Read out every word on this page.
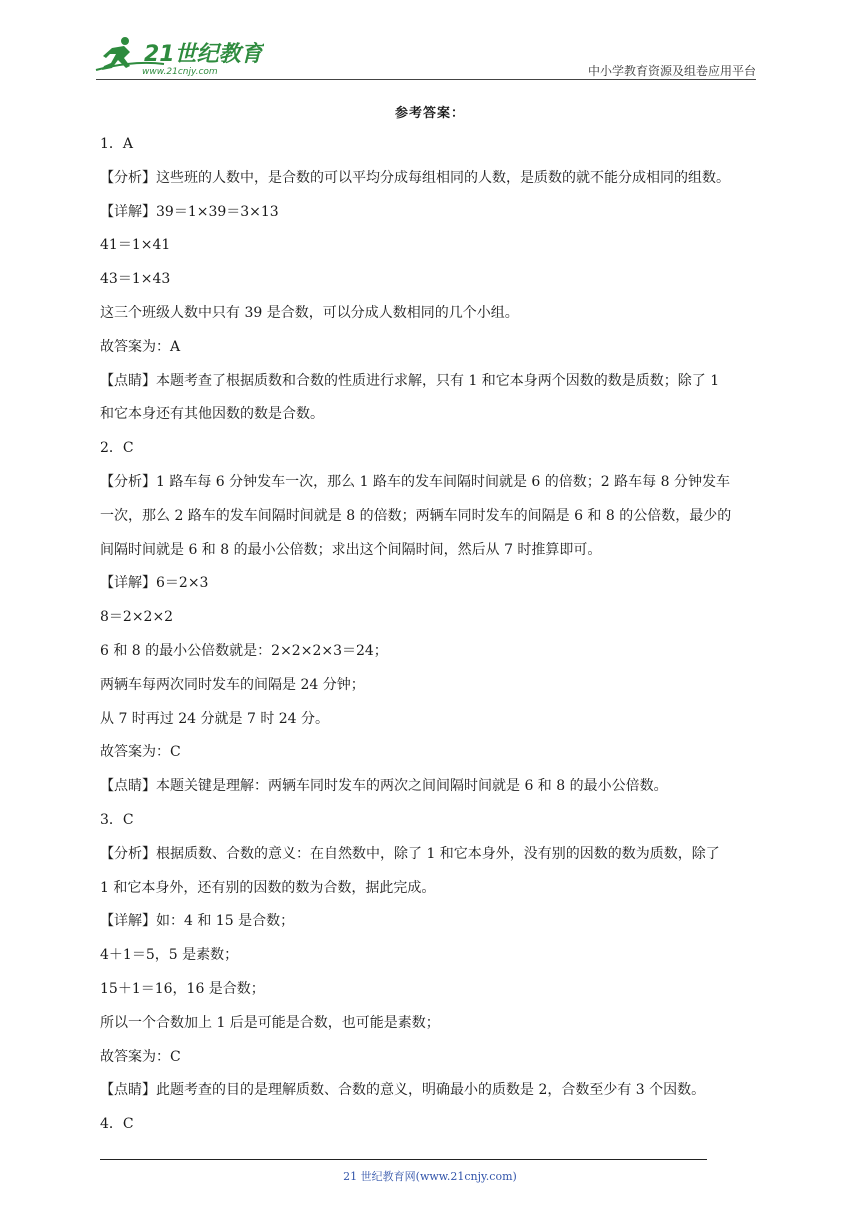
21世纪教育
www.21cnjy.com	中小学教育资源及组卷应用平台
参考答案：

1．A

【分析】这些班的人数中，是合数的可以平均分成每组相同的人数，是质数的就不能分成相同的组数。

【详解】39＝1×39＝3×13

41＝1×41

43＝1×43

这三个班级人数中只有 39 是合数，可以分成人数相同的几个小组。

故答案为：A

【点睛】本题考查了根据质数和合数的性质进行求解，只有 1 和它本身两个因数的数是质数；除了 1

和它本身还有其他因数的数是合数。

2．C

【分析】1 路车每 6 分钟发车一次，那么 1 路车的发车间隔时间就是 6 的倍数；2 路车每 8 分钟发车

一次，那么 2 路车的发车间隔时间就是 8 的倍数；两辆车同时发车的间隔是 6 和 8 的公倍数，最少的

间隔时间就是 6 和 8 的最小公倍数；求出这个间隔时间，然后从 7 时推算即可。

【详解】6＝2×3

8＝2×2×2

6 和 8 的最小公倍数就是：2×2×2×3＝24；

两辆车每两次同时发车的间隔是 24 分钟；

从 7 时再过 24 分就是 7 时 24 分。

故答案为：C

【点睛】本题关键是理解：两辆车同时发车的两次之间间隔时间就是 6 和 8 的最小公倍数。

3．C

【分析】根据质数、合数的意义：在自然数中，除了 1 和它本身外，没有别的因数的数为质数，除了

1 和它本身外，还有别的因数的数为合数，据此完成。

【详解】如：4 和 15 是合数；

4＋1＝5，5 是素数；

15＋1＝16，16 是合数；

所以一个合数加上 1 后是可能是合数，也可能是素数；

故答案为：C

【点睛】此题考查的目的是理解质数、合数的意义，明确最小的质数是 2，合数至少有 3 个因数。

4．C

21 世纪教育网(www.21cnjy.com)
